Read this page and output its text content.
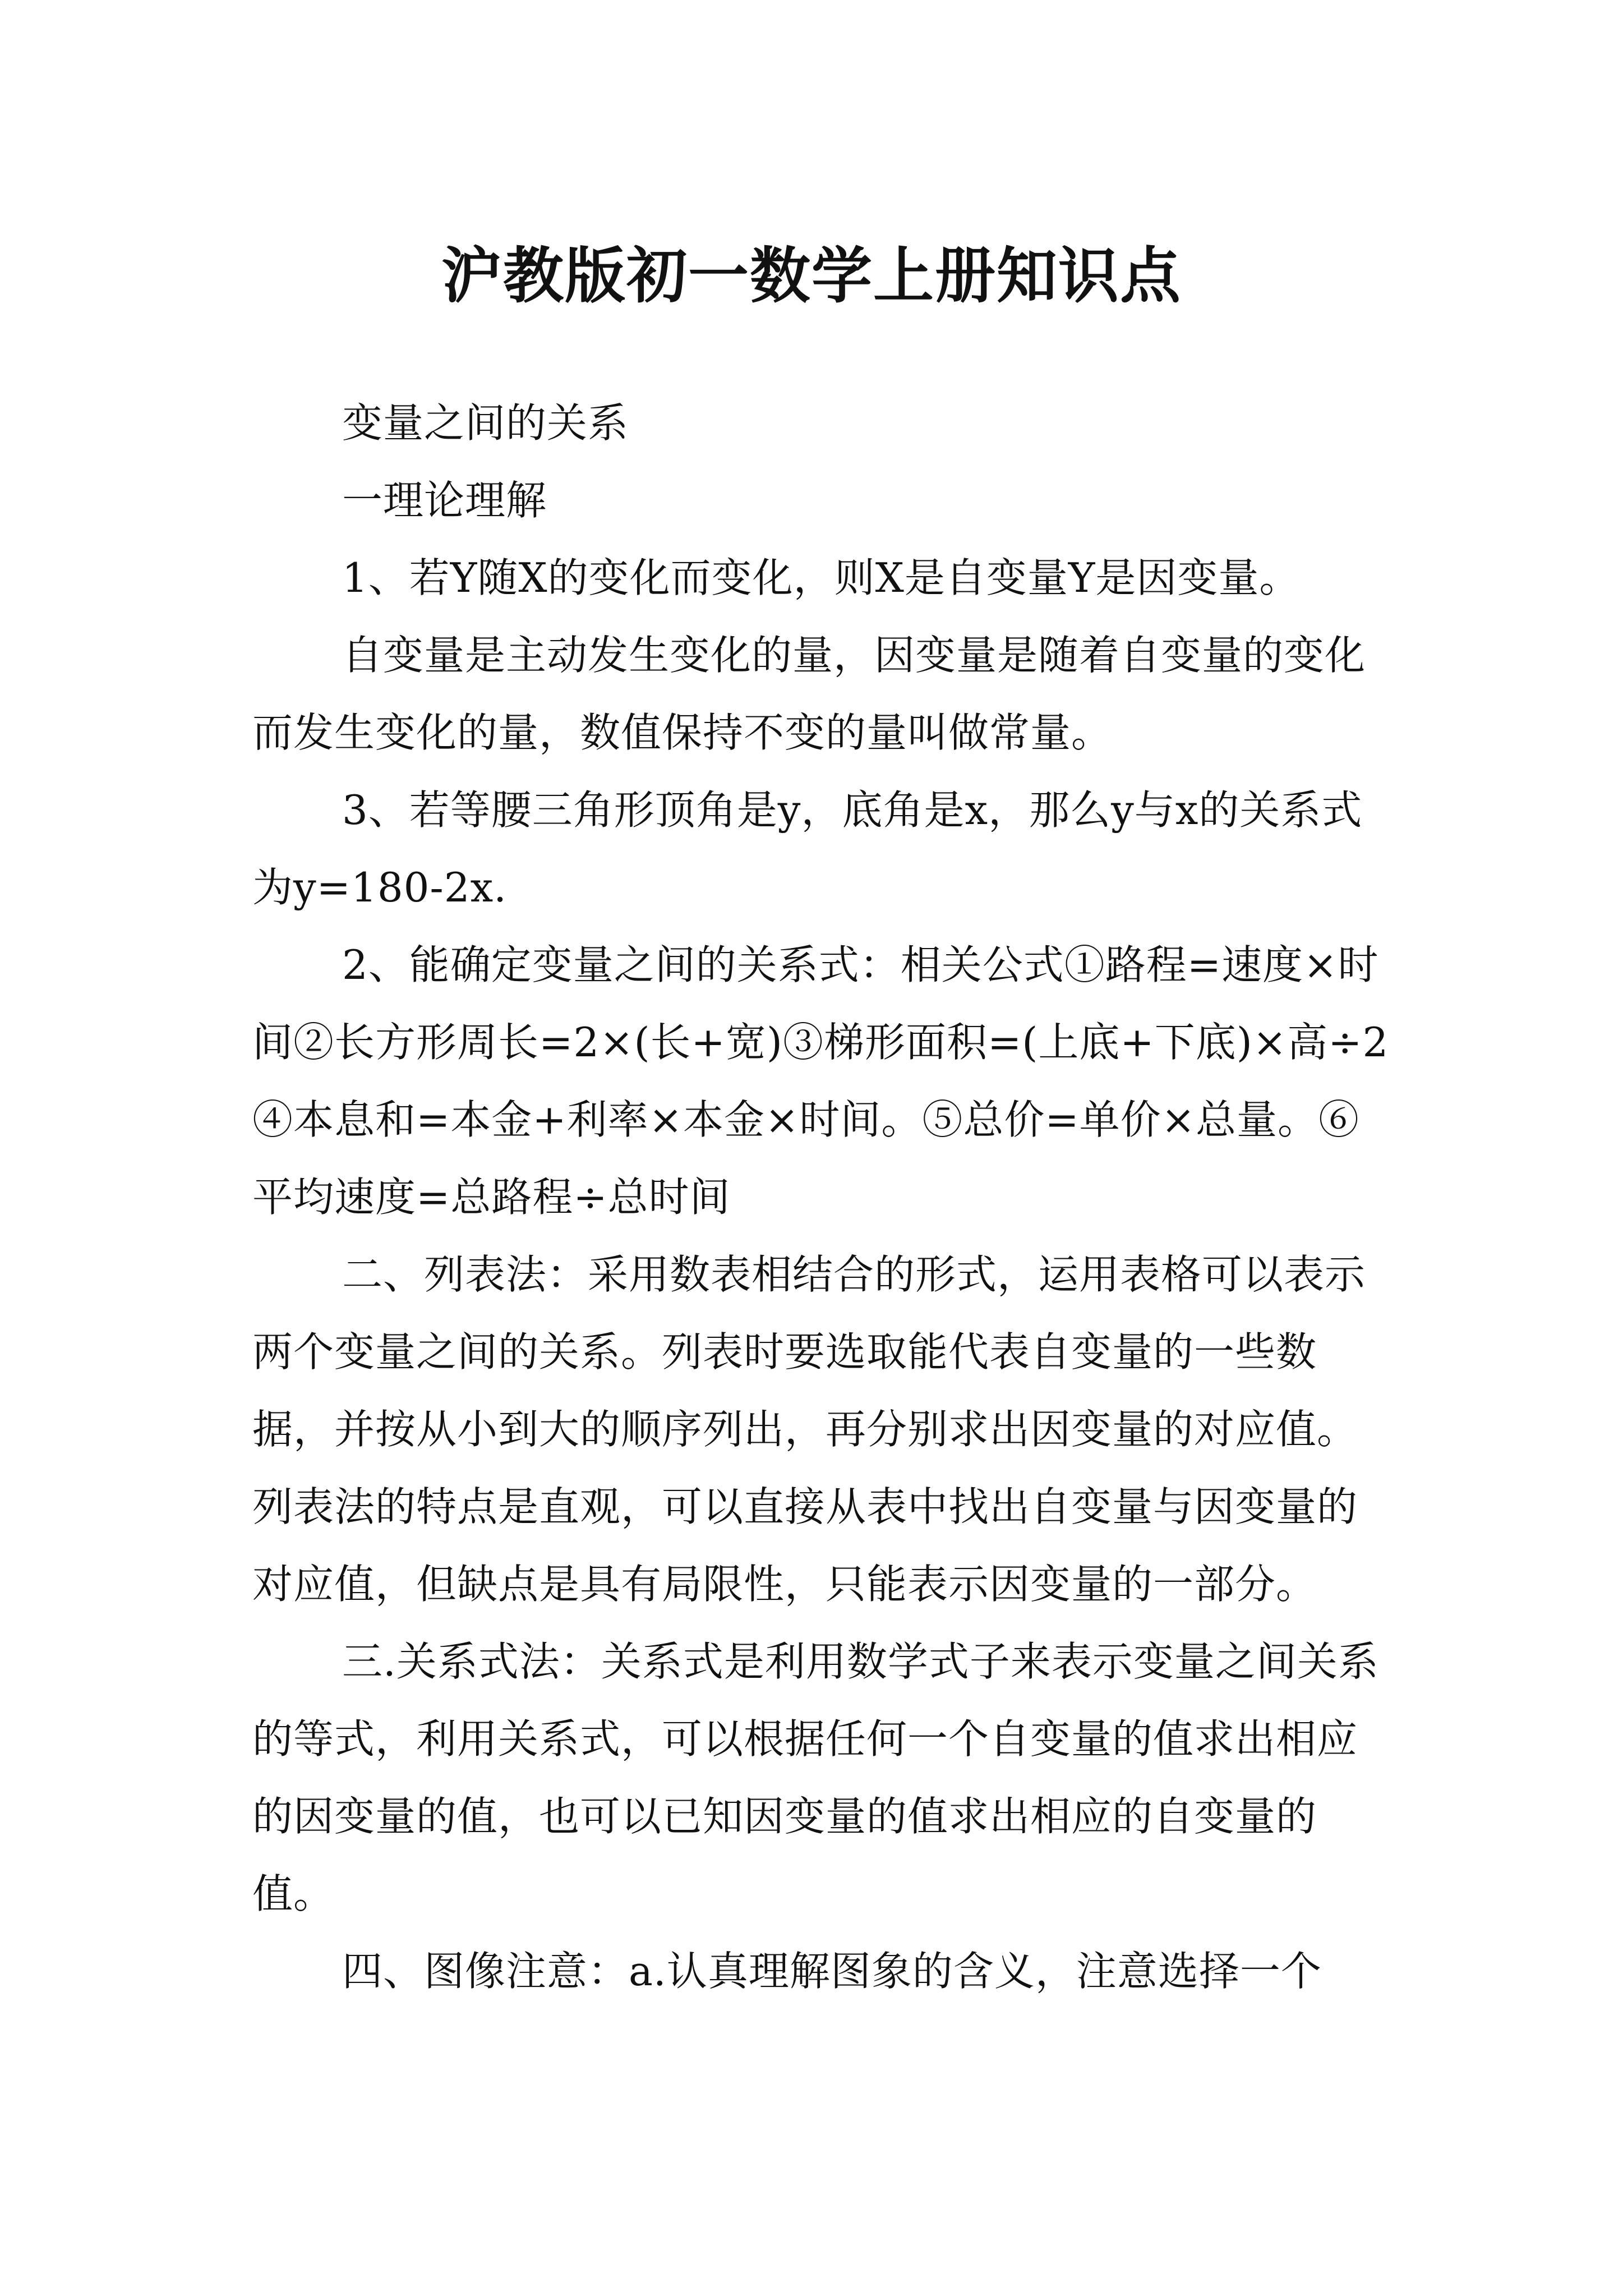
沪教版初一数学上册知识点

变量之间的关系

一理论理解

1、若Y随X的变化而变化，则X是自变量Y是因变量。

自变量是主动发生变化的量，因变量是随着自变量的变化而发生变化的量，数值保持不变的量叫做常量。

3、若等腰三角形顶角是y，底角是x，那么y与x的关系式为y=180-2x.

2、能确定变量之间的关系式：相关公式①路程=速度×时间②长方形周长=2×(长+宽)③梯形面积=(上底+下底)×高÷2④本息和=本金+利率×本金×时间。⑤总价=单价×总量。⑥平均速度=总路程÷总时间

二、列表法：采用数表相结合的形式，运用表格可以表示两个变量之间的关系。列表时要选取能代表自变量的一些数据，并按从小到大的顺序列出，再分别求出因变量的对应值。列表法的特点是直观，可以直接从表中找出自变量与因变量的对应值，但缺点是具有局限性，只能表示因变量的一部分。

三.关系式法：关系式是利用数学式子来表示变量之间关系的等式，利用关系式，可以根据任何一个自变量的值求出相应的因变量的值，也可以已知因变量的值求出相应的自变量的值。

四、图像注意：a.认真理解图象的含义，注意选择一个
